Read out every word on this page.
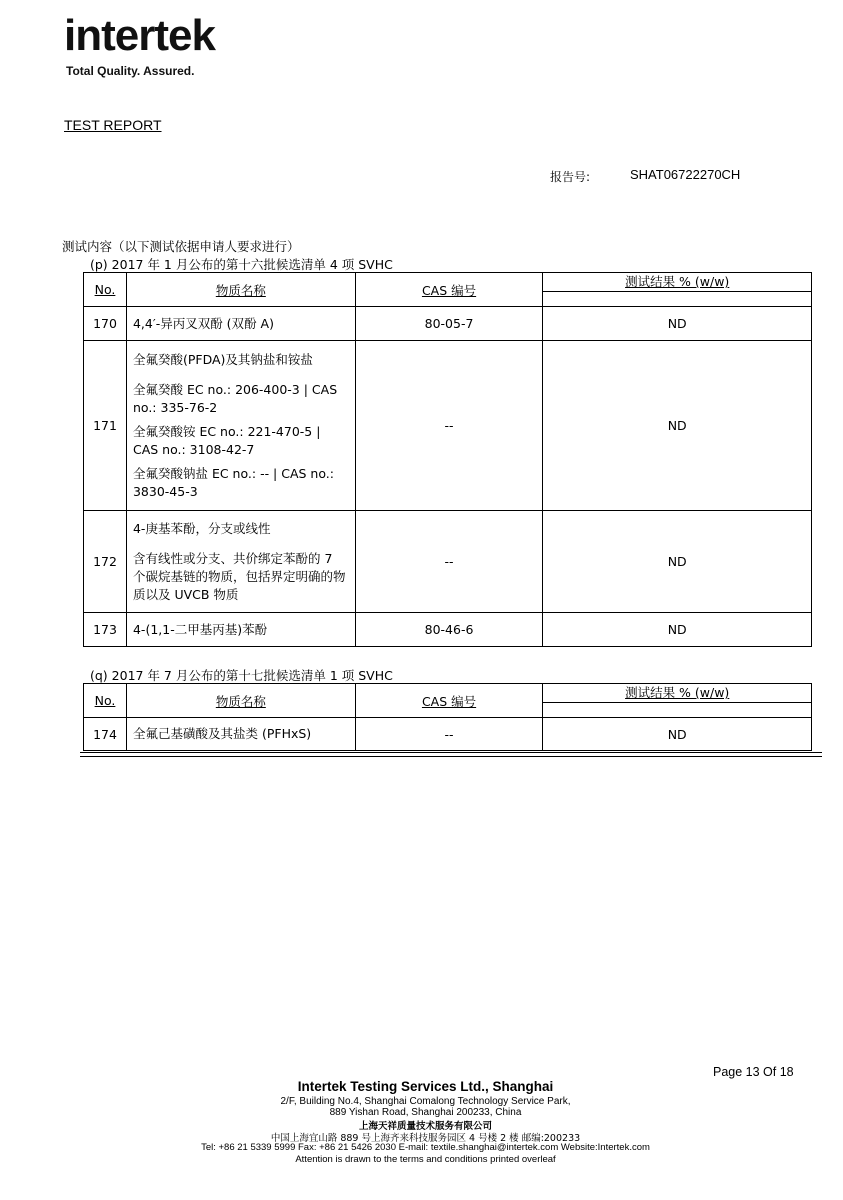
intertek
Total Quality. Assured.
TEST REPORT
报告号:	SHAT06722270CH
测试内容（以下测试依据申请人要求进行）
(p) 2017 年 1 月公布的第十六批候选清单 4 项 SVHC
No.	物质名称	CAS 编号	测试结果 % (w/w)

170	4,4′-异丙叉双酚 (双酚 A)	80-05-7	ND
171	全氟癸酸(PFDA)及其钠盐和铵盐

全氟癸酸 EC no.: 206-400-3 | CAS no.: 335-76-2

全氟癸酸铵 EC no.: 221-470-5 | CAS no.: 3108-42-7

全氟癸酸钠盐 EC no.: -- | CAS no.: 3830-45-3	--	ND
172	4-庚基苯酚，分支或线性

含有线性或分支、共价绑定苯酚的 7 个碳烷基链的物质，包括界定明确的物质以及 UVCB 物质	--	ND
173	4-(1,1-二甲基丙基)苯酚	80-46-6	ND
(q) 2017 年 7 月公布的第十七批候选清单 1 项 SVHC
No.	物质名称	CAS 编号	测试结果 % (w/w)

174	全氟己基磺酸及其盐类 (PFHxS)	--	ND
Page 13 Of 18
Intertek Testing Services Ltd., Shanghai
2/F, Building No.4, Shanghai Comalong Technology Service Park,
889 Yishan Road, Shanghai 200233, China
上海天祥质量技术服务有限公司
中国上海宜山路 889 号上海齐来科技服务园区 4 号楼 2 楼 邮编:200233
Tel: +86 21 5339 5999 Fax: +86 21 5426 2030 E-mail: textile.shanghai@intertek.com Website:Intertek.com
Attention is drawn to the terms and conditions printed overleaf
